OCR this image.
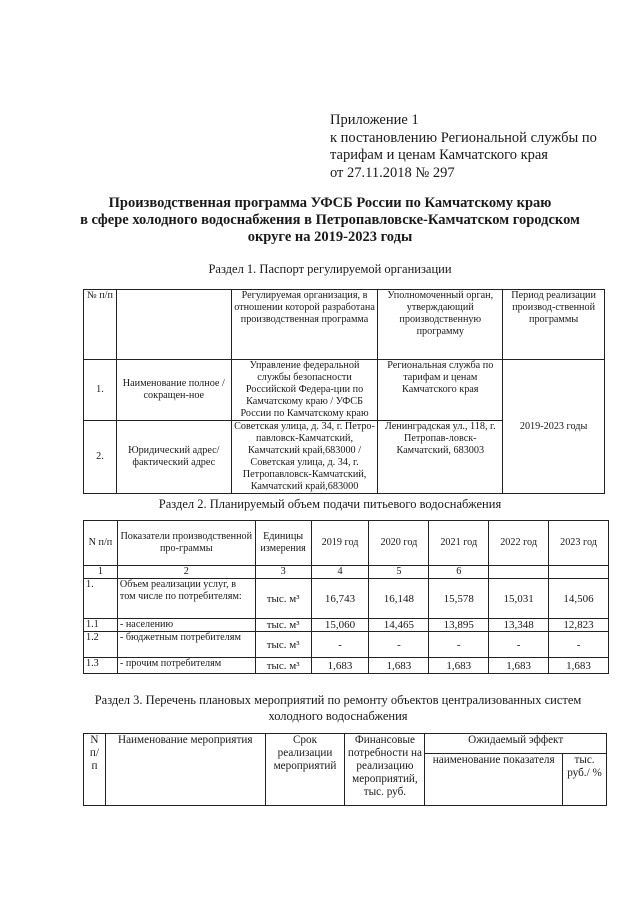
Приложение 1
к постановлению Региональной службы по
тарифам и ценам Камчатского края
от 27.11.2018 № 297
Производственная программа УФСБ России по Камчатскому краю
в сфере холодного водоснабжения в Петропавловске-Камчатском городском
округе на 2019-2023 годы
Раздел 1. Паспорт регулируемой организации
№ п/п		Регулируемая организация, в отношении которой разработана производственная программа	Уполномоченный орган, утверждающий производственную программу	Период реализации производ-ственной программы
1.	Наименование полное / сокращен-ное	Управление федеральной службы безопасности Российской Федера-ции по Камчатскому краю / УФСБ России по Камчатскому краю	Региональная служба по тарифам и ценам Камчатского края	2019-2023 годы
2.	Юридический адрес/фактический адрес	Советская улица, д. 34, г. Петро-павловск-Камчатский, Камчатский край,683000 / Советская улица, д. 34, г. Петропавловск-Камчатский, Камчатский край,683000	Ленинградская ул., 118, г. Петропав-ловск-Камчатский, 683003	
Раздел 2. Планируемый объем подачи питьевого водоснабжения
N п/п	Показатели производственной про-граммы	Единицы измерения	2019 год	2020 год	2021 год	2022 год	2023 год
1	2	3	4	5	6		
1.	Объем реализации услуг, в том числе по потребителям:	тыс. м³	16,743	16,148	15,578	15,031	14,506
1.1	- населению	тыс. м³	15,060	14,465	13,895	13,348	12,823
1.2	- бюджетным потребителям	тыс. м³	-	-	-	-	-
1.3	- прочим потребителям	тыс. м³	1,683	1,683	1,683	1,683	1,683
Раздел 3. Перечень плановых мероприятий по ремонту объектов централизованных систем холодного водоснабжения
N п/ п	Наименование мероприятия	Срок реализации мероприятий	Финансовые потребности на реализацию мероприятий, тыс. руб.	Ожидаемый эффект	
				наименование показателя	тыс. руб./ %
